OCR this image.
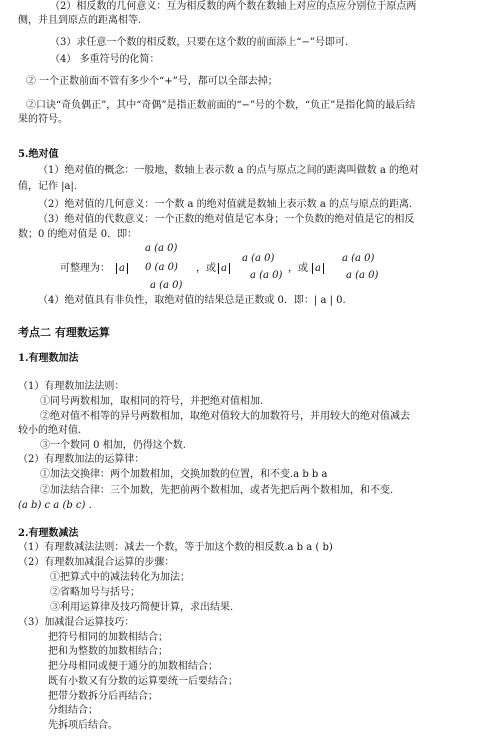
（2）相反数的几何意义：互为相反数的两个数在数轴上对应的点应分别位于原点两
侧，并且到原点的距离相等.
（3）求任意一个数的相反数，只要在这个数的前面添上“−”号即可.
（4） 多重符号的化简：
② 一个正数前面不管有多少个“+”号，都可以全部去掉；
②口诀“奇负偶正”，其中“奇偶”是指正数前面的“−”号的个数，“负正”是指化简的最后结
果的符号。
5.绝对值
（1）绝对值的概念：一般地，数轴上表示数 a 的点与原点之间的距离叫做数 a 的绝对
值，记作 |a|.
（2）绝对值的几何意义：一个数 a 的绝对值就是数轴上表示数 a 的点与原点的距离.
（3）绝对值的代数意义：一个正数的绝对值是它本身；一个负数的绝对值是它的相反
数；0 的绝对值是 0．即：
可整理为： a
a (a 0)
0 (a 0)
a (a 0)
，或 a
a (a 0)
a (a 0)
，或 a
a (a 0)
a (a 0)
（4）绝对值具有非负性，取绝对值的结果总是正数或 0．即：| a | 0.
考点二 有理数运算
1.有理数加法
（1）有理数加法法则：
①同号两数相加，取相同的符号，并把绝对值相加.
②绝对值不相等的异号两数相加，取绝对值较大的加数符号，并用较大的绝对值减去
较小的绝对值.
③一个数同 0 相加，仍得这个数.
（2）有理数加法的运算律：
①加法交换律：两个加数相加，交换加数的位置，和不变.a b b a
②加法结合律：三个加数，先把前两个数相加，或者先把后两个数相加，和不变.
(a b) c a (b c) .
2.有理数减法
（1）有理数减法法则：减去一个数，等于加这个数的相反数.a b a ( b)
（2）有理数加减混合运算的步骤：
①把算式中的减法转化为加法；
②省略加号与括号；
③利用运算律及技巧简便计算，求出结果.
（3）加减混合运算技巧：
把符号相同的加数相结合；
把和为整数的加数相结合；
把分母相同或便于通分的加数相结合；
既有小数又有分数的运算要统一后要结合；
把带分数拆分后再结合；
分组结合；
先拆项后结合。
